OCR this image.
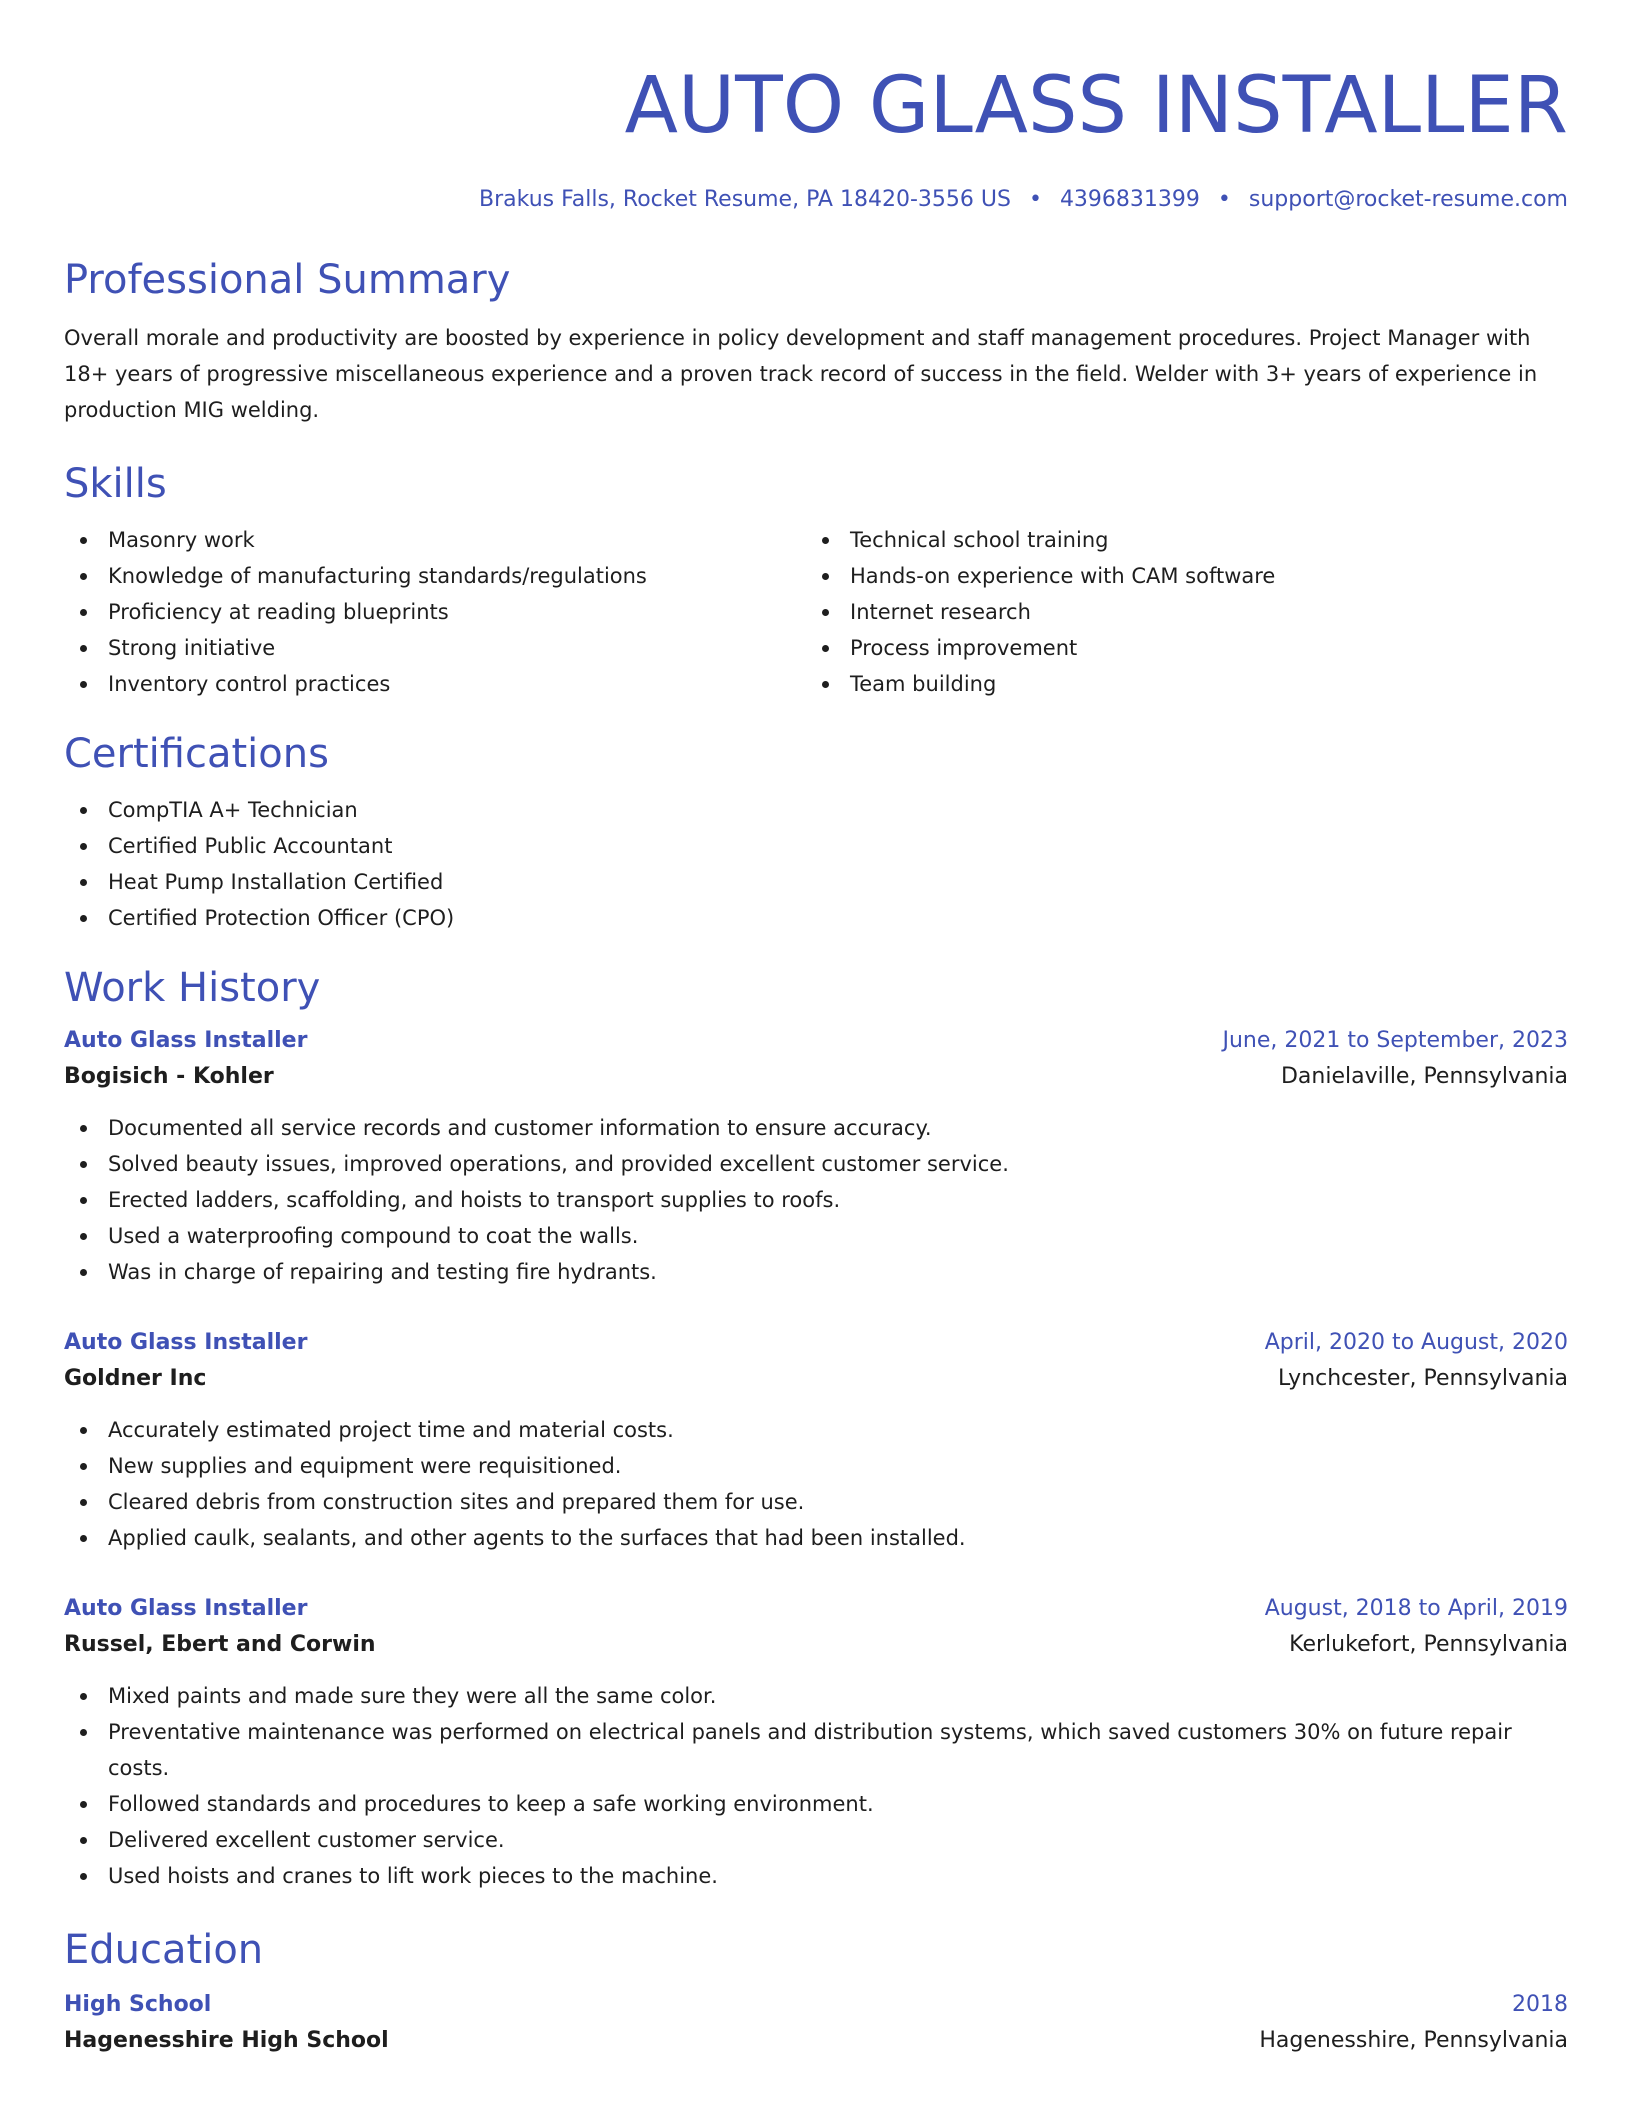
AUTO GLASS INSTALLER
Brakus Falls, Rocket Resume, PA 18420-3556 US • 4396831399 • support@rocket-resume.com
Professional Summary

Overall morale and productivity are boosted by experience in policy development and staff management procedures. Project Manager with 18+ years of progressive miscellaneous experience and a proven track record of success in the field. Welder with 3+ years of experience in production MIG welding.

Skills
Masonry work
Knowledge of manufacturing standards/regulations
Proficiency at reading blueprints
Strong initiative
Inventory control practices
Technical school training
Hands-on experience with CAM software
Internet research
Process improvement
Team building
Certifications
CompTIA A+ Technician
Certified Public Accountant
Heat Pump Installation Certified
Certified Protection Officer (CPO)
Work History
Auto Glass Installer	June, 2021 to September, 2023
Bogisich - Kohler	Danielaville, Pennsylvania
Documented all service records and customer information to ensure accuracy.
Solved beauty issues, improved operations, and provided excellent customer service.
Erected ladders, scaffolding, and hoists to transport supplies to roofs.
Used a waterproofing compound to coat the walls.
Was in charge of repairing and testing fire hydrants.
Auto Glass Installer	April, 2020 to August, 2020
Goldner Inc	Lynchcester, Pennsylvania
Accurately estimated project time and material costs.
New supplies and equipment were requisitioned.
Cleared debris from construction sites and prepared them for use.
Applied caulk, sealants, and other agents to the surfaces that had been installed.
Auto Glass Installer	August, 2018 to April, 2019
Russel, Ebert and Corwin	Kerlukefort, Pennsylvania
Mixed paints and made sure they were all the same color.
Preventative maintenance was performed on electrical panels and distribution systems, which saved customers 30% on future repair costs.
Followed standards and procedures to keep a safe working environment.
Delivered excellent customer service.
Used hoists and cranes to lift work pieces to the machine.
Education
High School	2018
Hagenesshire High School	Hagenesshire, Pennsylvania
